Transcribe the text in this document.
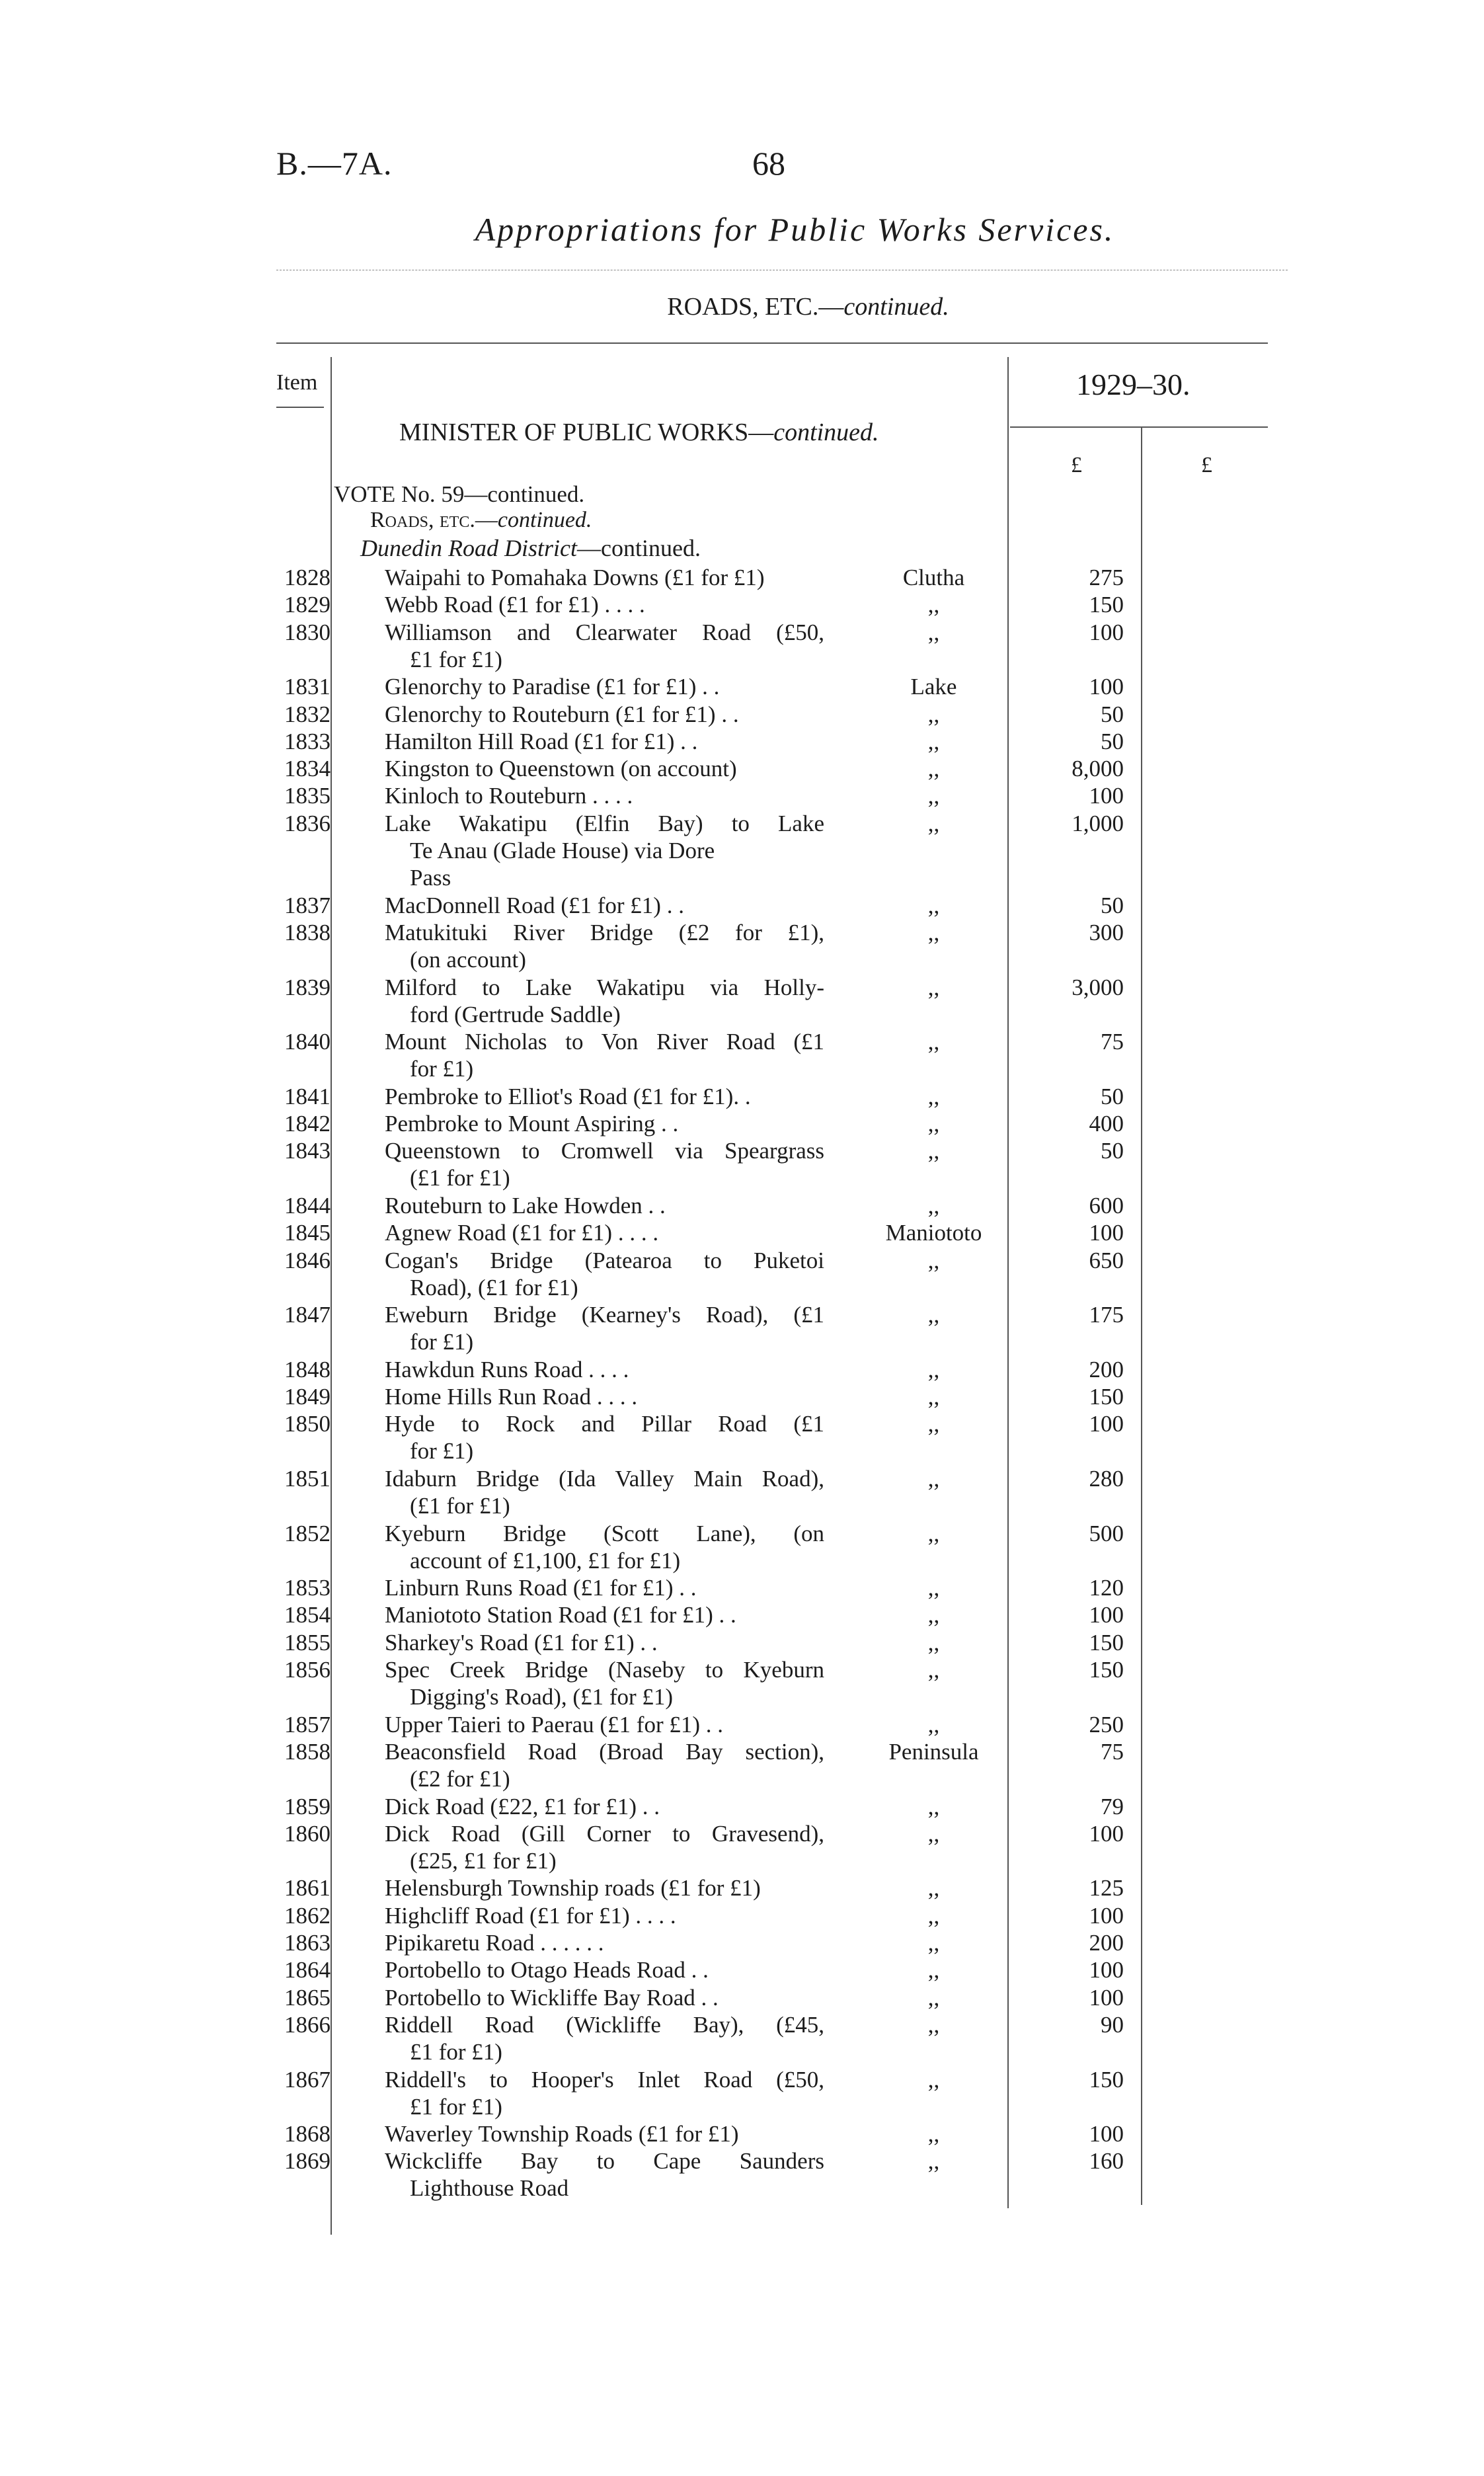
B.—7A.	68
Appropriations for Public Works Services.
ROADS, ETC.—continued.
Item	1929–30.
MINISTER OF PUBLIC WORKS—continued.
£	£
VOTE No. 59—continued.
Roads, etc.—continued.
Dunedin Road District—continued.
1828 Waipahi to Pomahaka Downs (£1 for £1)	Clutha	275
1829 Webb Road (£1 for £1) . . . .	,,	150
1830 Williamson and Clearwater Road (£50,
£1 for £1)
,,	100
1831 Glenorchy to Paradise (£1 for £1) . .	Lake	100
1832 Glenorchy to Routeburn (£1 for £1) . .	,,	50
1833 Hamilton Hill Road (£1 for £1) . .	,,	50
1834 Kingston to Queenstown (on account)	,,	8,000
1835 Kinloch to Routeburn . . . .	,,	100
1836 Lake Wakatipu (Elfin Bay) to Lake
Te Anau (Glade House) via Dore
Pass
,,	1,000
1837 MacDonnell Road (£1 for £1) . .	,,	50
1838 Matukituki River Bridge (£2 for £1),
(on account)
,,	300
1839 Milford to Lake Wakatipu via Holly-
ford (Gertrude Saddle)
,,	3,000
1840 Mount Nicholas to Von River Road (£1
for £1)
,,	75
1841 Pembroke to Elliot's Road (£1 for £1). .	,,	50
1842 Pembroke to Mount Aspiring . .	,,	400
1843 Queenstown to Cromwell via Speargrass
(£1 for £1)
,,	50
1844 Routeburn to Lake Howden . .	,,	600
1845 Agnew Road (£1 for £1) . . . .	Maniototo	100
1846 Cogan's Bridge (Patearoa to Puketoi
Road), (£1 for £1)
,,	650
1847 Eweburn Bridge (Kearney's Road), (£1
for £1)
,,	175
1848 Hawkdun Runs Road . . . .	,,	200
1849 Home Hills Run Road . . . .	,,	150
1850 Hyde to Rock and Pillar Road (£1
for £1)
,,	100
1851 Idaburn Bridge (Ida Valley Main Road),
(£1 for £1)
,,	280
1852 Kyeburn Bridge (Scott Lane), (on
account of £1,100, £1 for £1)
,,	500
1853 Linburn Runs Road (£1 for £1) . .	,,	120
1854 Maniototo Station Road (£1 for £1) . .	,,	100
1855 Sharkey's Road (£1 for £1) . .	,,	150
1856 Spec Creek Bridge (Naseby to Kyeburn
Digging's Road), (£1 for £1)
,,	150
1857 Upper Taieri to Paerau (£1 for £1) . .	,,	250
1858 Beaconsfield Road (Broad Bay section),
(£2 for £1)
Peninsula	75
1859 Dick Road (£22, £1 for £1) . .	,,	79
1860 Dick Road (Gill Corner to Gravesend),
(£25, £1 for £1)
,,	100
1861 Helensburgh Township roads (£1 for £1)	,,	125
1862 Highcliff Road (£1 for £1) . . . .	,,	100
1863 Pipikaretu Road . . . . . .	,,	200
1864 Portobello to Otago Heads Road . .	,,	100
1865 Portobello to Wickliffe Bay Road . .	,,	100
1866 Riddell Road (Wickliffe Bay), (£45,
£1 for £1)
,,	90
1867 Riddell's to Hooper's Inlet Road (£50,
£1 for £1)
,,	150
1868 Waverley Township Roads (£1 for £1)	,,	100
1869 Wickcliffe Bay to Cape Saunders
Lighthouse Road
,,	160
